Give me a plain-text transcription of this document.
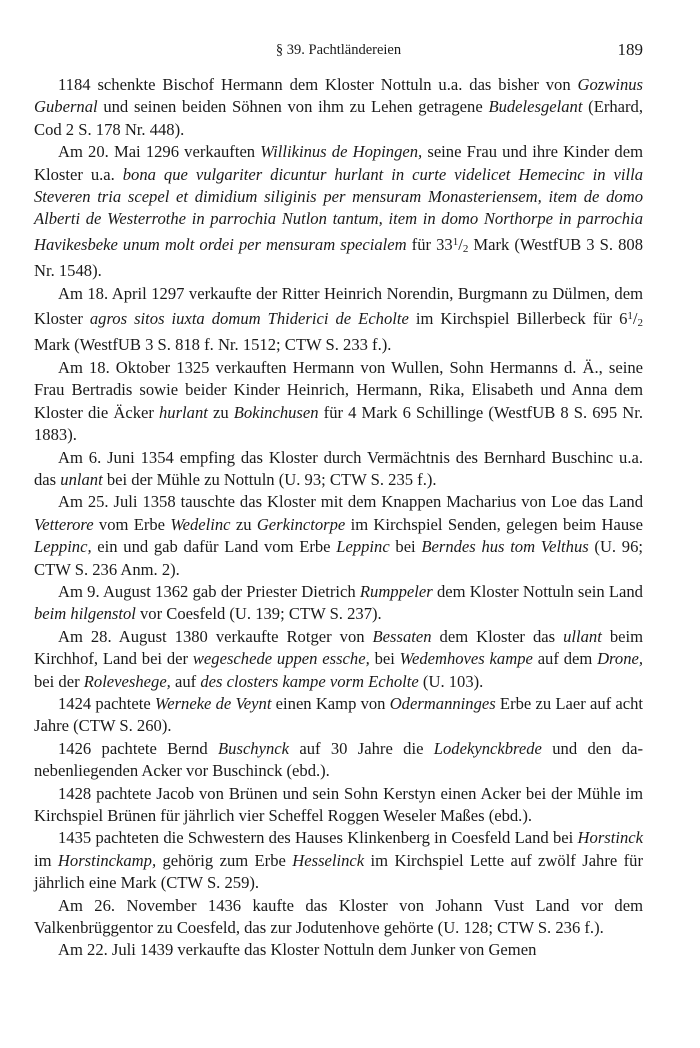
§ 39. Pachtländereien	189

1184 schenkte Bischof Hermann dem Kloster Nottuln u.a. das bisher von Gozwinus Gubernal und seinen beiden Söhnen von ihm zu Lehen getragene Budelesgelant (Erhard, Cod 2 S. 178 Nr. 448).

Am 20. Mai 1296 verkauften Willikinus de Hopingen, seine Frau und ihre Kinder dem Kloster u.a. bona que vulgariter dicuntur hurlant in curte videlicet Hemecinc in villa Steveren tria scepel et dimidium siliginis per mensuram Monasteriensem, item de domo Alberti de Westerrothe in parrochia Nutlon tantum, item in domo Northorpe in parrochia Havikesbeke unum molt ordei per mensuram specialem für $33^1/2$ Mark (WestfUB 3 S. 808 Nr. 1548).

Am 18. April 1297 verkaufte der Ritter Heinrich Norendin, Burgmann zu Dülmen, dem Kloster agros sitos iuxta domum Thiderici de Echolte im Kirchspiel Billerbeck für $6^1/2$ Mark (WestfUB 3 S. 818 f. Nr. 1512; CTW S. 233 f.).

Am 18. Oktober 1325 verkauften Hermann von Wullen, Sohn Hermanns d. Ä., seine Frau Bertradis sowie beider Kinder Heinrich, Hermann, Rika, Elisabeth und Anna dem Kloster die Äcker hurlant zu Bokinchusen für 4 Mark 6 Schillinge (WestfUB 8 S. 695 Nr. 1883).

Am 6. Juni 1354 empfing das Kloster durch Vermächtnis des Bernhard Buschinc u.a. das unlant bei der Mühle zu Nottuln (U. 93; CTW S. 235 f.).

Am 25. Juli 1358 tauschte das Kloster mit dem Knappen Macharius von Loe das Land Vetterore vom Erbe Wedelinc zu Gerkinctorpe im Kirchspiel Senden, gelegen beim Hause Leppinc, ein und gab dafür Land vom Erbe Leppinc bei Berndes hus tom Velthus (U. 96; CTW S. 236 Anm. 2).

Am 9. August 1362 gab der Priester Dietrich Rumppeler dem Kloster Nottuln sein Land beim hilgenstol vor Coesfeld (U. 139; CTW S. 237).

Am 28. August 1380 verkaufte Rotger von Bessaten dem Kloster das ullant beim Kirchhof, Land bei der wegeschede uppen essche, bei Wedemhoves kampe auf dem Drone, bei der Roleveshege, auf des closters kampe vorm Echolte (U. 103).

1424 pachtete Werneke de Veynt einen Kamp von Odermanninges Erbe zu Laer auf acht Jahre (CTW S. 260).

1426 pachtete Bernd Buschynck auf 30 Jahre die Lodekynckbrede und den danebenliegenden Acker vor Buschinck (ebd.).

1428 pachtete Jacob von Brünen und sein Sohn Kerstyn einen Acker bei der Mühle im Kirchspiel Brünen für jährlich vier Scheffel Roggen Weseler Maßes (ebd.).

1435 pachteten die Schwestern des Hauses Klinkenberg in Coesfeld Land bei Horstinck im Horstinckamp, gehörig zum Erbe Hesselinck im Kirchspiel Lette auf zwölf Jahre für jährlich eine Mark (CTW S. 259).

Am 26. November 1436 kaufte das Kloster von Johann Vust Land vor dem Valkenbrüggentor zu Coesfeld, das zur Jodutenhove gehörte (U. 128; CTW S. 236 f.).

Am 22. Juli 1439 verkaufte das Kloster Nottuln dem Junker von Gemen
